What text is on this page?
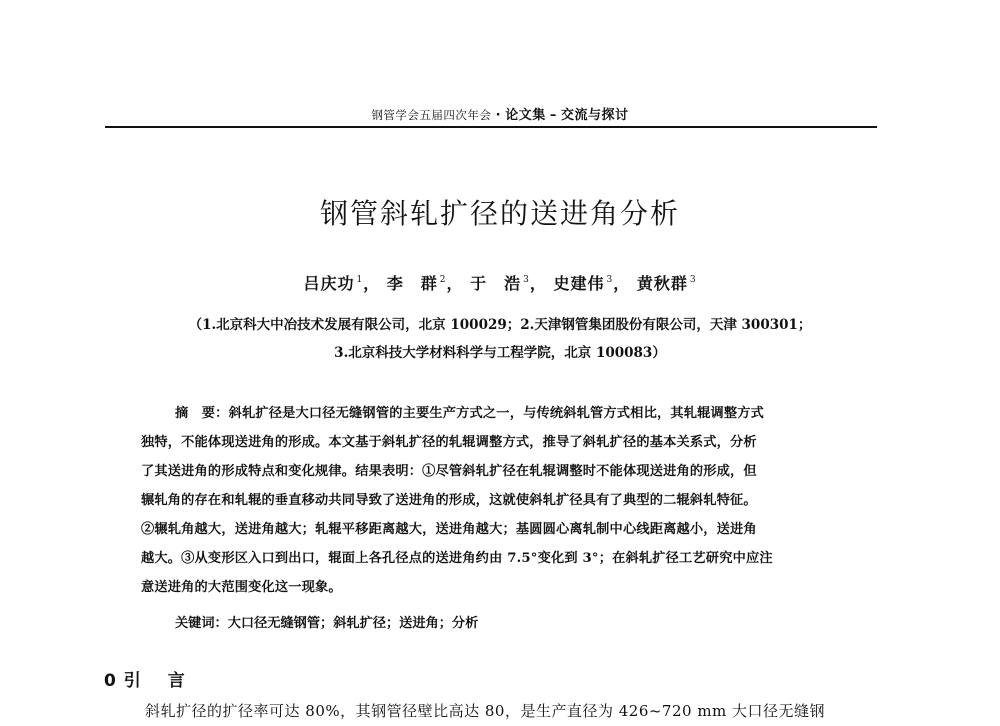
钢管学会五届四次年会 · 论文集 – 交流与探讨
钢管斜轧扩径的送进角分析
吕庆功 $^1$， 李　群 $^2$， 于　浩 $^3$， 史建伟 $^3$， 黄秋群 $^3$
（1.北京科大中冶技术发展有限公司，北京 100029；2.天津钢管集团股份有限公司，天津 300301；
3.北京科技大学材料科学与工程学院，北京 100083）
摘　要：斜轧扩径是大口径无缝钢管的主要生产方式之一，与传统斜轧管方式相比，其轧辊调整方式
独特，不能体现送进角的形成。本文基于斜轧扩径的轧辊调整方式，推导了斜轧扩径的基本关系式，分析
了其送进角的形成特点和变化规律。结果表明：①尽管斜轧扩径在轧辊调整时不能体现送进角的形成，但
辗轧角的存在和轧辊的垂直移动共同导致了送进角的形成，这就使斜轧扩径具有了典型的二辊斜轧特征。
②辗轧角越大，送进角越大；轧辊平移距离越大，送进角越大；基圆圆心离轧制中心线距离越小，送进角
越大。③从变形区入口到出口，辊面上各孔径点的送进角约由 7.5°变化到 3°；在斜轧扩径工艺研究中应注
意送进角的大范围变化这一现象。
关键词：大口径无缝钢管；斜轧扩径；送进角；分析
0 引 言
斜轧扩径的扩径率可达 80%，其钢管径壁比高达 80，是生产直径为 426~720 mm 大口径无缝钢
